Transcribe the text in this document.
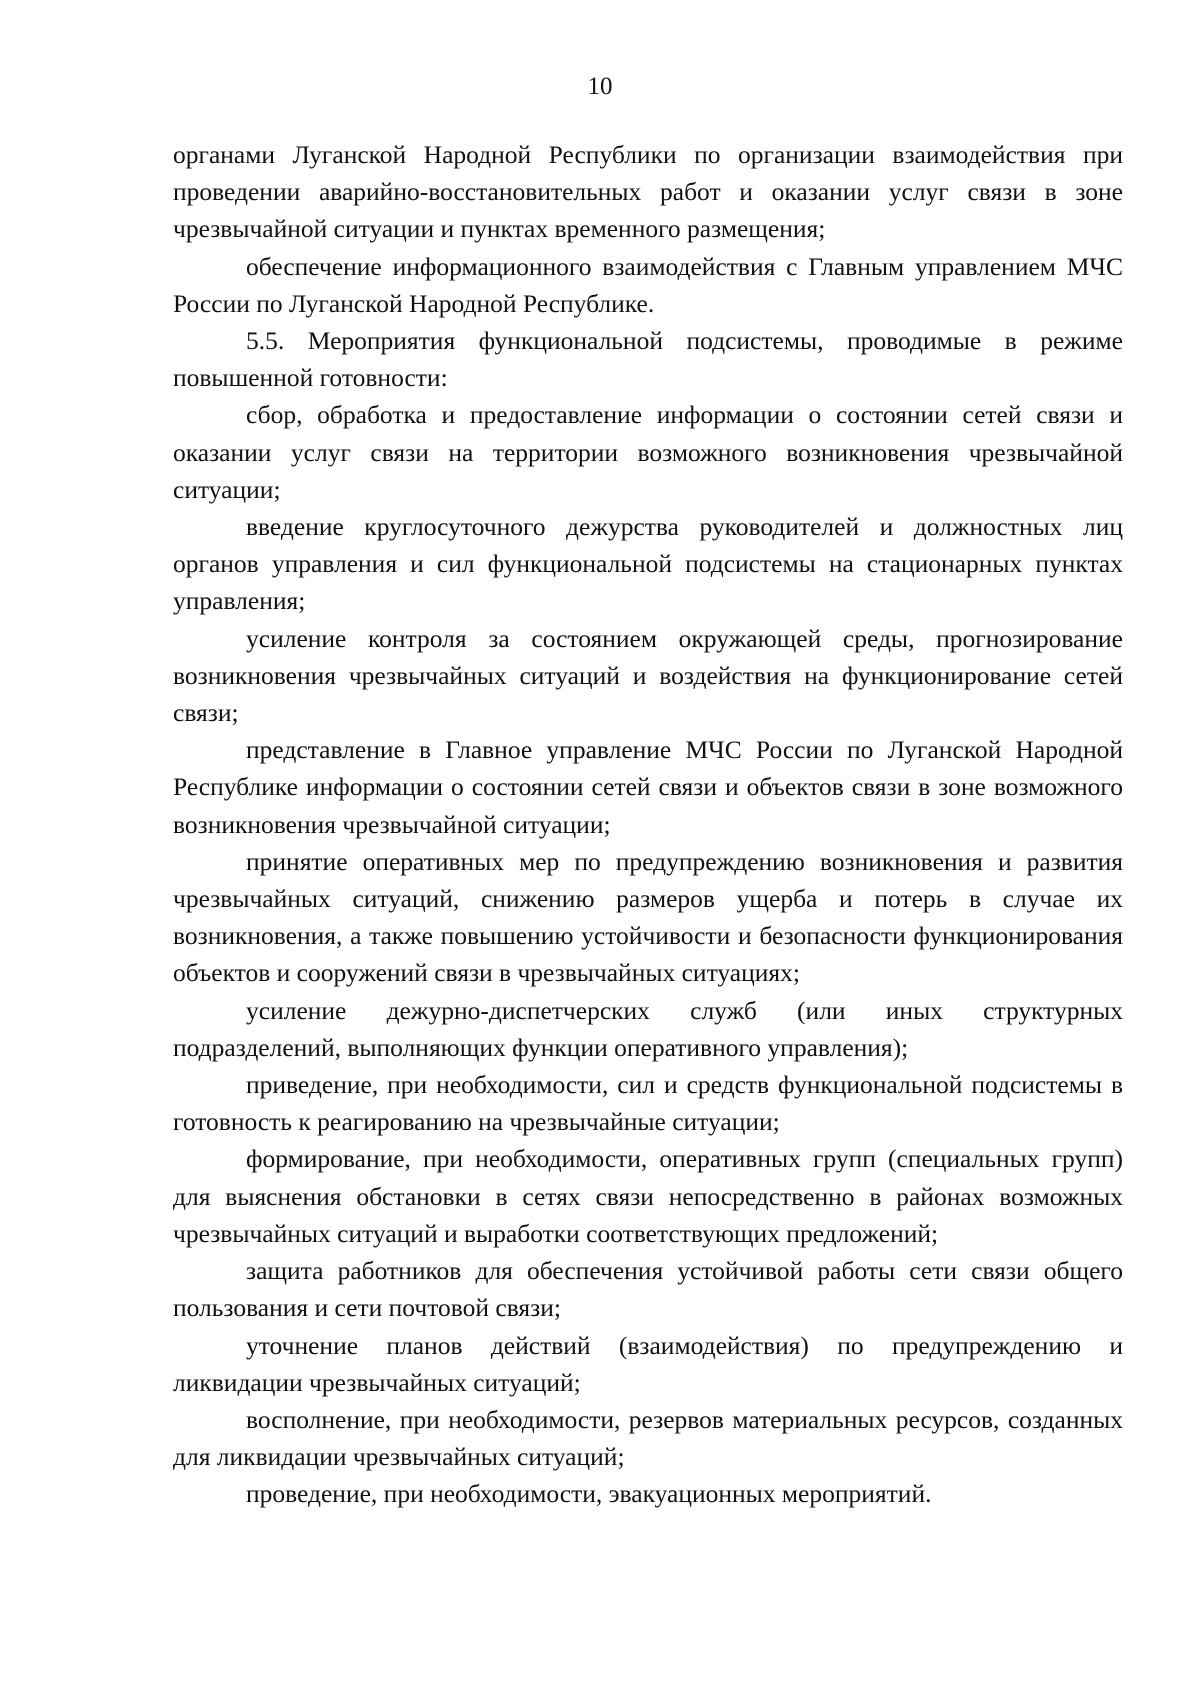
10

органами Луганской Народной Республики по организации взаимодействия при проведении аварийно-восстановительных работ и оказании услуг связи в зоне чрезвычайной ситуации и пунктах временного размещения;

обеспечение информационного взаимодействия с Главным управлением МЧС России по Луганской Народной Республике.

5.5. Мероприятия функциональной подсистемы, проводимые в режиме повышенной готовности:

сбор, обработка и предоставление информации о состоянии сетей связи и оказании услуг связи на территории возможного возникновения чрезвычайной ситуации;

введение круглосуточного дежурства руководителей и должностных лиц органов управления и сил функциональной подсистемы на стационарных пунктах управления;

усиление контроля за состоянием окружающей среды, прогнозирование возникновения чрезвычайных ситуаций и воздействия на функционирование сетей связи;

представление в Главное управление МЧС России по Луганской Народной Республике информации о состоянии сетей связи и объектов связи в зоне возможного возникновения чрезвычайной ситуации;

принятие оперативных мер по предупреждению возникновения и развития чрезвычайных ситуаций, снижению размеров ущерба и потерь в случае их возникновения, а также повышению устойчивости и безопасности функционирования объектов и сооружений связи в чрезвычайных ситуациях;

усиление дежурно-диспетчерских служб (или иных структурных подразделений, выполняющих функции оперативного управления);

приведение, при необходимости, сил и средств функциональной подсистемы в готовность к реагированию на чрезвычайные ситуации;

формирование, при необходимости, оперативных групп (специальных групп) для выяснения обстановки в сетях связи непосредственно в районах возможных чрезвычайных ситуаций и выработки соответствующих предложений;

защита работников для обеспечения устойчивой работы сети связи общего пользования и сети почтовой связи;

уточнение планов действий (взаимодействия) по предупреждению и ликвидации чрезвычайных ситуаций;

восполнение, при необходимости, резервов материальных ресурсов, созданных для ликвидации чрезвычайных ситуаций;

проведение, при необходимости, эвакуационных мероприятий.
